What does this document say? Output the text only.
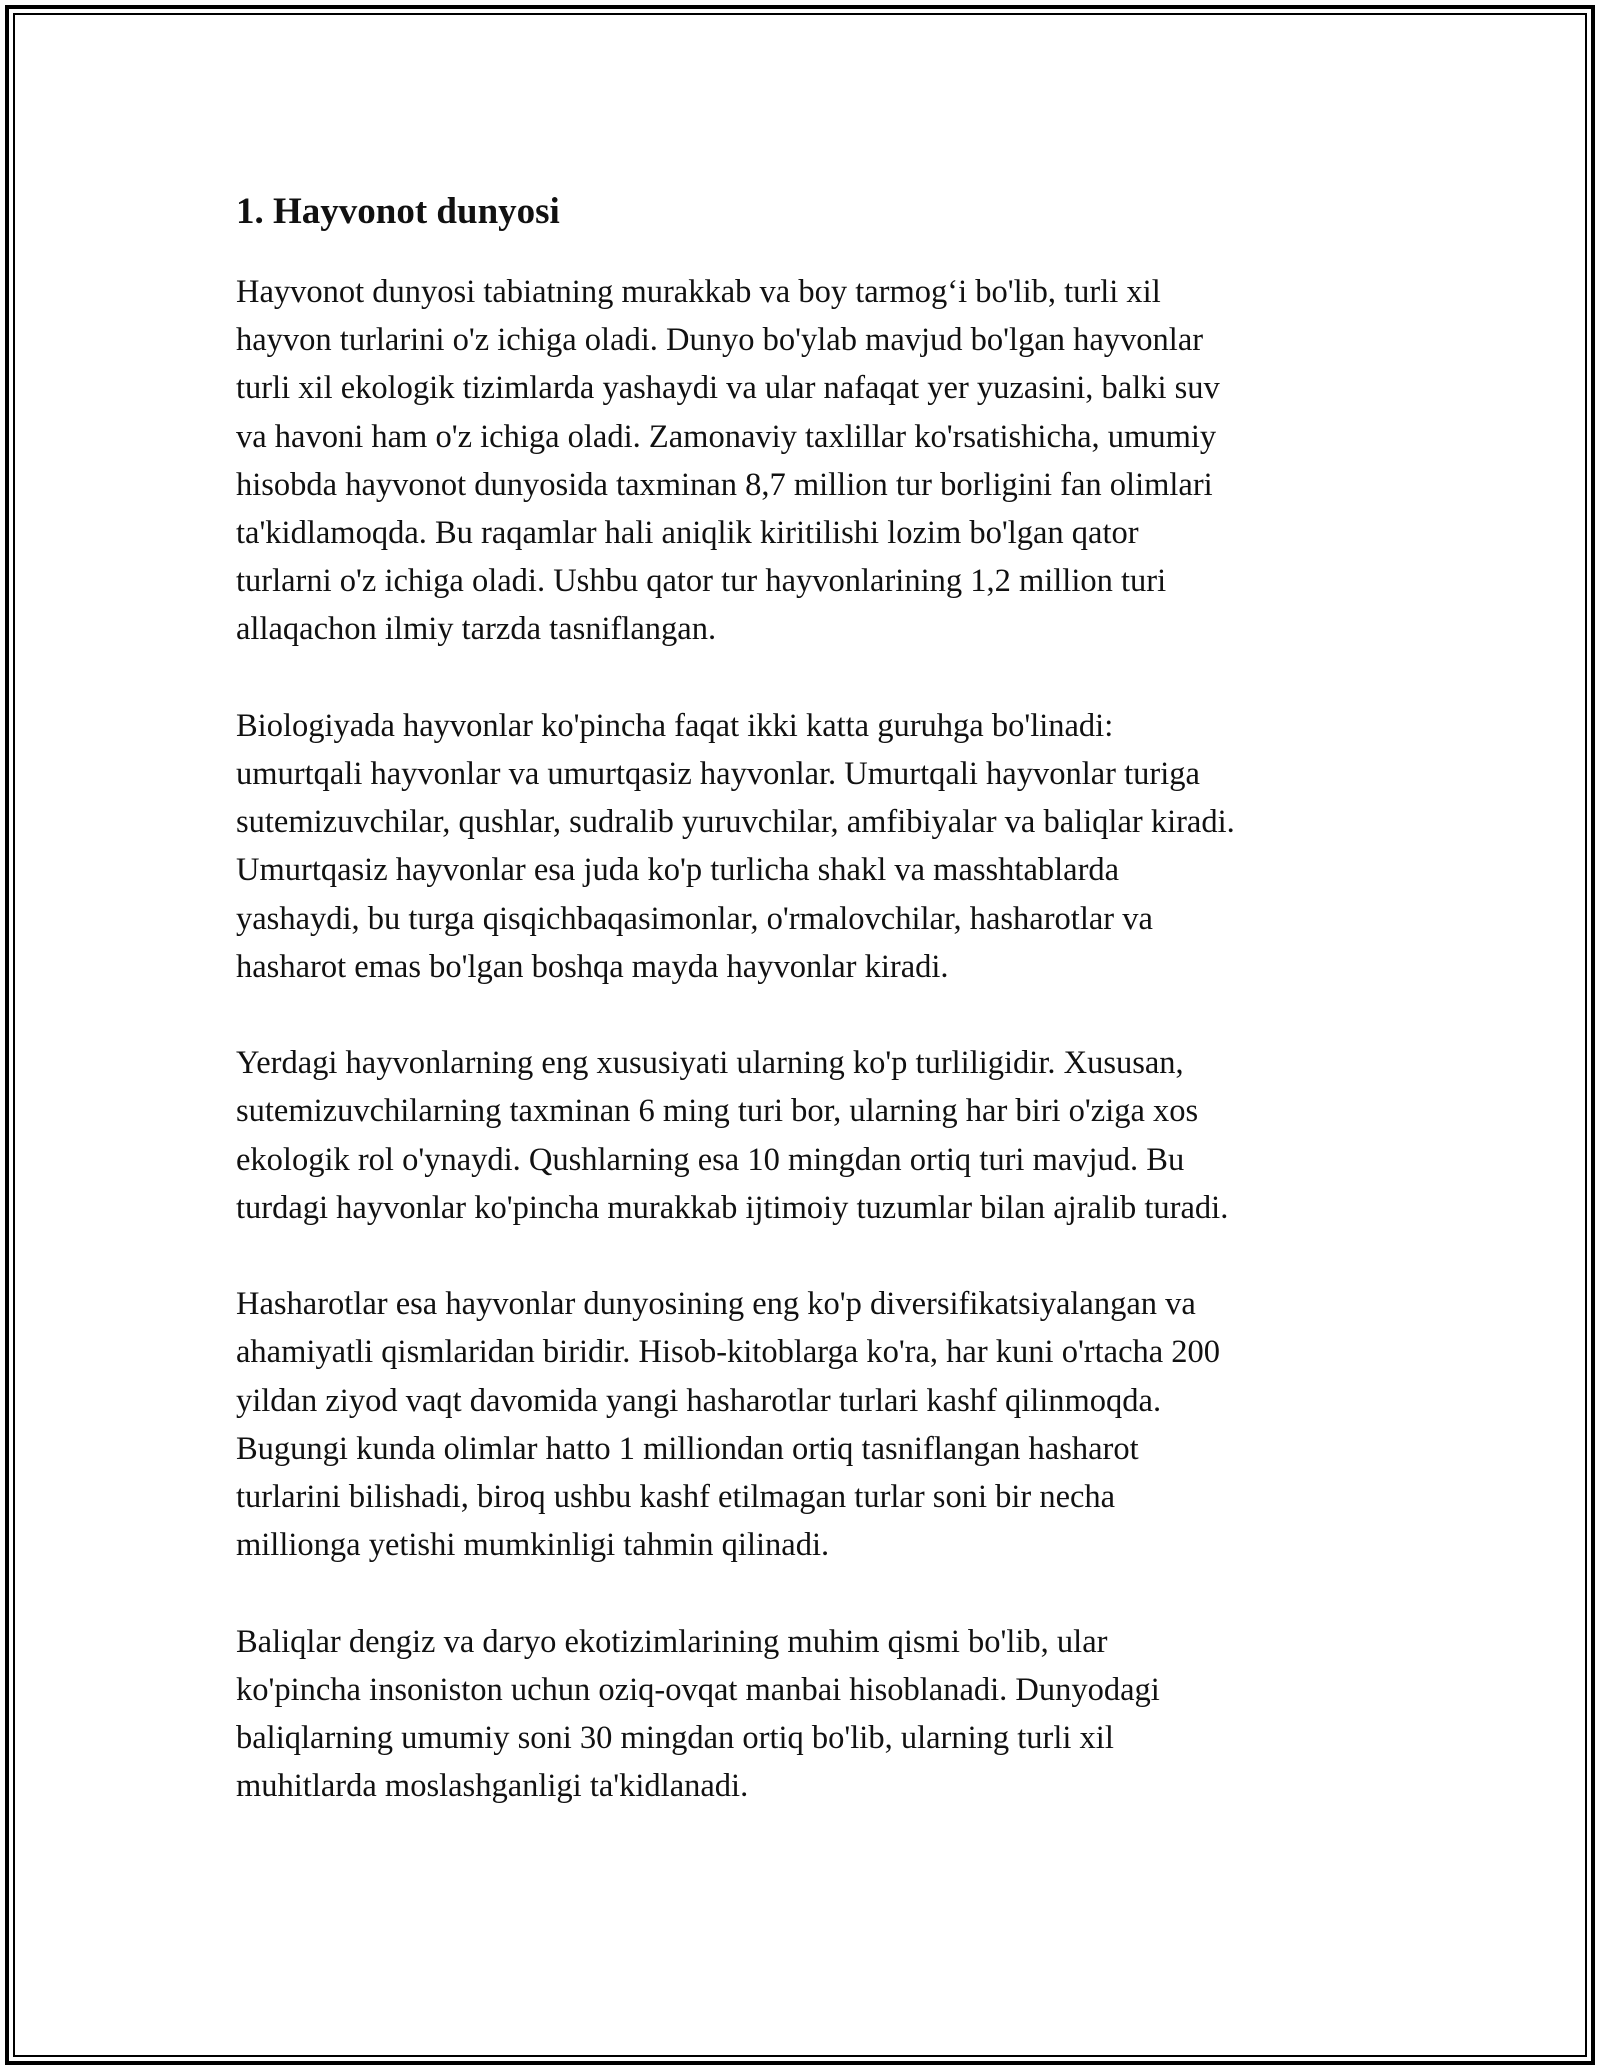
1. Hayvonot dunyosi

Hayvonot dunyosi tabiatning murakkab va boy tarmog‘i bo'lib, turli xil
hayvon turlarini o'z ichiga oladi. Dunyo bo'ylab mavjud bo'lgan hayvonlar
turli xil ekologik tizimlarda yashaydi va ular nafaqat yer yuzasini, balki suv
va havoni ham o'z ichiga oladi. Zamonaviy taxlillar ko'rsatishicha, umumiy
hisobda hayvonot dunyosida taxminan 8,7 million tur borligini fan olimlari
ta'kidlamoqda. Bu raqamlar hali aniqlik kiritilishi lozim bo'lgan qator
turlarni o'z ichiga oladi. Ushbu qator tur hayvonlarining 1,2 million turi
allaqachon ilmiy tarzda tasniflangan.

Biologiyada hayvonlar ko'pincha faqat ikki katta guruhga bo'linadi:
umurtqali hayvonlar va umurtqasiz hayvonlar. Umurtqali hayvonlar turiga
sutemizuvchilar, qushlar, sudralib yuruvchilar, amfibiyalar va baliqlar kiradi.
Umurtqasiz hayvonlar esa juda ko'p turlicha shakl va masshtablarda
yashaydi, bu turga qisqichbaqasimonlar, o'rmalovchilar, hasharotlar va
hasharot emas bo'lgan boshqa mayda hayvonlar kiradi.

Yerdagi hayvonlarning eng xususiyati ularning ko'p turliligidir. Xususan,
sutemizuvchilarning taxminan 6 ming turi bor, ularning har biri o'ziga xos
ekologik rol o'ynaydi. Qushlarning esa 10 mingdan ortiq turi mavjud. Bu
turdagi hayvonlar ko'pincha murakkab ijtimoiy tuzumlar bilan ajralib turadi.

Hasharotlar esa hayvonlar dunyosining eng ko'p diversifikatsiyalangan va
ahamiyatli qismlaridan biridir. Hisob-kitoblarga ko'ra, har kuni o'rtacha 200
yildan ziyod vaqt davomida yangi hasharotlar turlari kashf qilinmoqda.
Bugungi kunda olimlar hatto 1 milliondan ortiq tasniflangan hasharot
turlarini bilishadi, biroq ushbu kashf etilmagan turlar soni bir necha
millionga yetishi mumkinligi tahmin qilinadi.

Baliqlar dengiz va daryo ekotizimlarining muhim qismi bo'lib, ular
ko'pincha insoniston uchun oziq-ovqat manbai hisoblanadi. Dunyodagi
baliqlarning umumiy soni 30 mingdan ortiq bo'lib, ularning turli xil
muhitlarda moslashganligi ta'kidlanadi.
